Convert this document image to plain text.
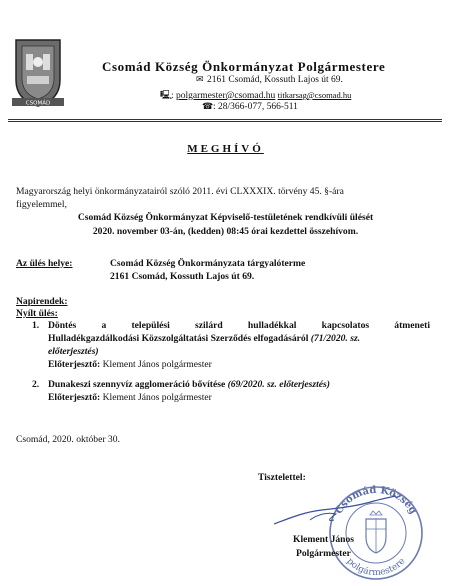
CSOMÁD
Csomád Község Önkormányzat Polgármestere
✉ 2161 Csomád, Kossuth Lajos út 69.
🖳: polgarmester@csomad.hu titkarsag@csomad.hu
☎: 28/366-077, 566-511
MEGHÍVÓ
Magyarország helyi önkormányzatairól szóló 2011. évi CLXXXIX. törvény 45. §-ára
figyelemmel,
Csomád Község Önkormányzat Képviselő-testületének rendkívüli ülését
2020. november 03-án, (kedden) 08:45 órai kezdettel összehívom.
Az ülés helye:	Csomád Község Önkormányzata tárgyalóterme
2161 Csomád, Kossuth Lajos út 69.
Napirendek:
Nyílt ülés:
1. Döntés a települési szilárd hulladékkal kapcsolatos átmeneti
Hulladékgazdálkodási Közszolgáltatási Szerződés elfogadásáról (71/2020. sz.
előterjesztés)
Előterjesztő: Klement János polgármester
2. Dunakeszi szennyvíz agglomeráció bővítése (69/2020. sz. előterjesztés)
Előterjesztő: Klement János polgármester
Csomád, 2020. október 30.
Tisztelettel:
Csomád Község
polgármestere
Klement János
Polgármester
